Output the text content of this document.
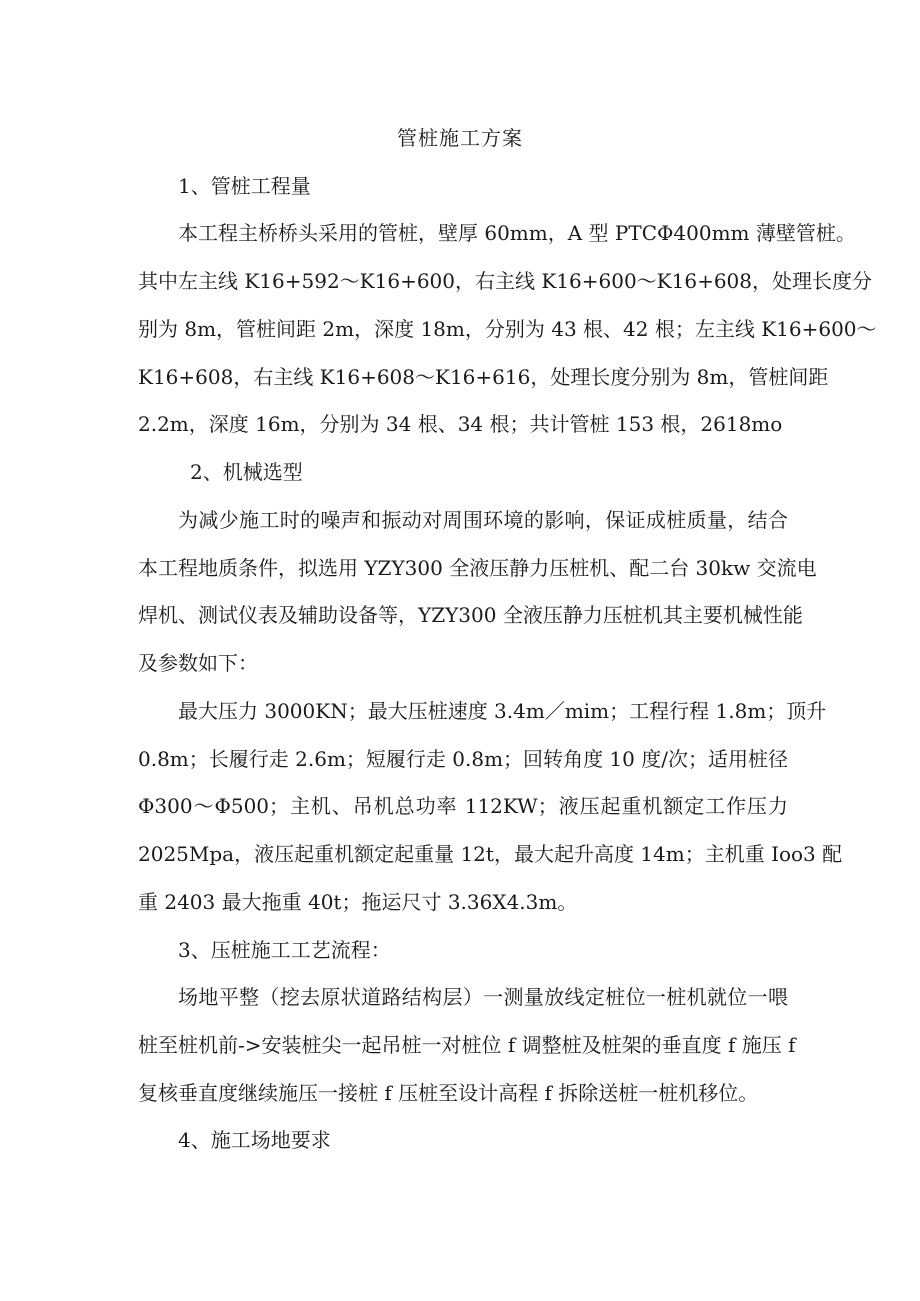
管桩施工方案
1、管桩工程量
本工程主桥桥头采用的管桩，壁厚 60mm，A 型 PTCΦ400mm 薄壁管桩。
其中左主线 K16+592～K16+600，右主线 K16+600～K16+608，处理长度分
别为 8m，管桩间距 2m，深度 18m，分别为 43 根、42 根；左主线 K16+600～
K16+608，右主线 K16+608～K16+616，处理长度分别为 8m，管桩间距
2.2m，深度 16m，分别为 34 根、34 根；共计管桩 153 根，2618mo
2、机械选型
为减少施工时的噪声和振动对周围环境的影响，保证成桩质量，结合
本工程地质条件，拟选用 YZY300 全液压静力压桩机、配二台 30kw 交流电
焊机、测试仪表及辅助设备等，YZY300 全液压静力压桩机其主要机械性能
及参数如下：
最大压力 3000KN；最大压桩速度 3.4m／mim；工程行程 1.8m；顶升
0.8m；长履行走 2.6m；短履行走 0.8m；回转角度 10 度/次；适用桩径
Φ300～Φ500；主机、吊机总功率 112KW；液压起重机额定工作压力
2025Mpa，液压起重机额定起重量 12t，最大起升高度 14m；主机重 Ioo3 配
重 2403 最大拖重 40t；拖运尺寸 3.36X4.3m。
3、压桩施工工艺流程：
场地平整（挖去原状道路结构层）一测量放线定桩位一桩机就位一喂
桩至桩机前->安装桩尖一起吊桩一对桩位 f 调整桩及桩架的垂直度 f 施压 f
复核垂直度继续施压一接桩 f 压桩至设计高程 f 拆除送桩一桩机移位。
4、施工场地要求
